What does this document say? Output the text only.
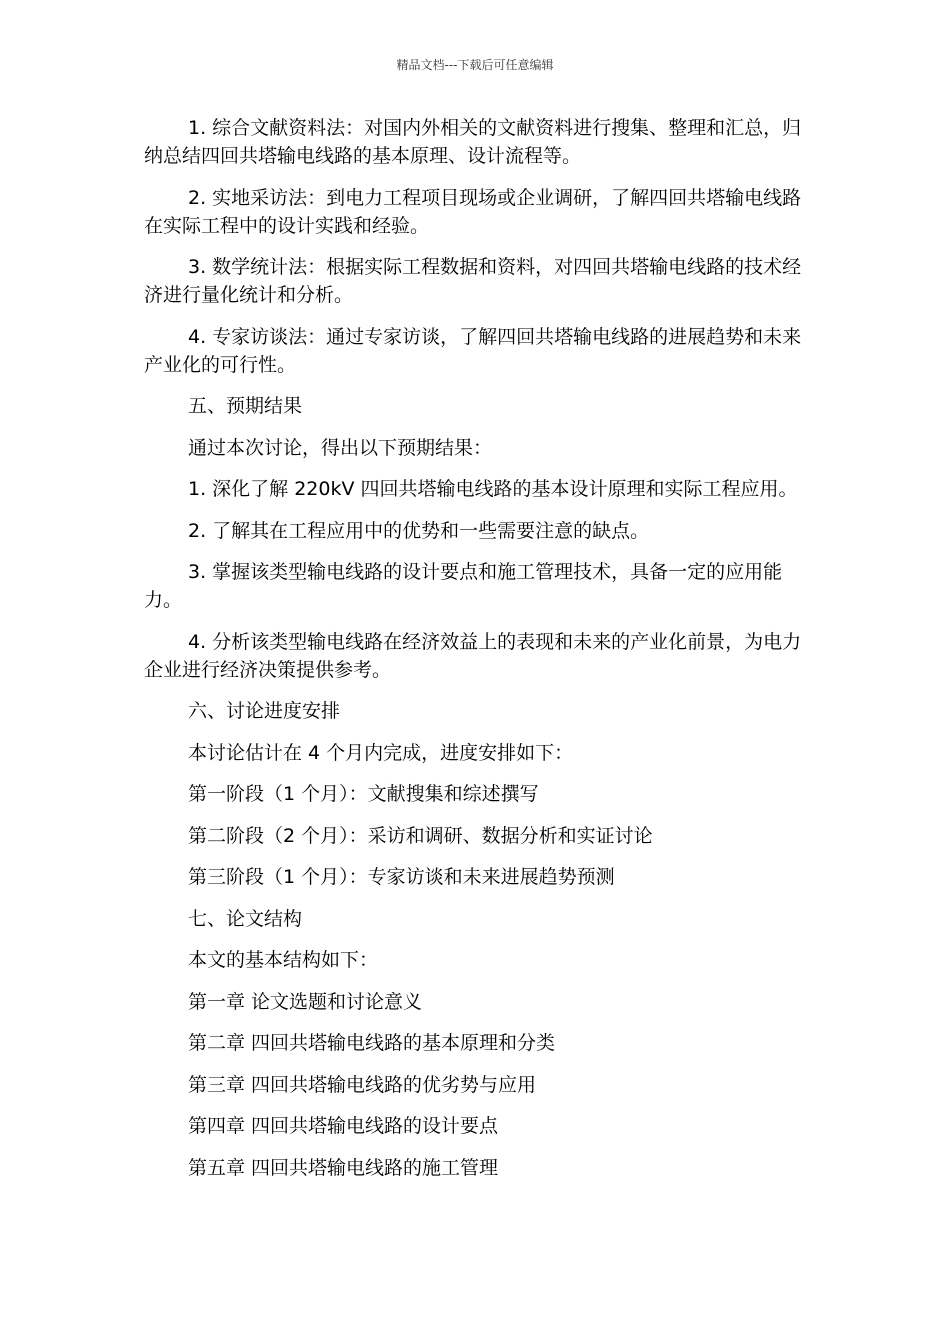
精品文档---下载后可任意编辑

1. 综合文献资料法：对国内外相关的文献资料进行搜集、整理和汇总，归纳总结四回共塔输电线路的基本原理、设计流程等。

2. 实地采访法：到电力工程项目现场或企业调研，了解四回共塔输电线路在实际工程中的设计实践和经验。

3. 数学统计法：根据实际工程数据和资料，对四回共塔输电线路的技术经济进行量化统计和分析。

4. 专家访谈法：通过专家访谈，了解四回共塔输电线路的进展趋势和未来产业化的可行性。

五、预期结果

通过本次讨论，得出以下预期结果：

1. 深化了解 220kV 四回共塔输电线路的基本设计原理和实际工程应用。

2. 了解其在工程应用中的优势和一些需要注意的缺点。

3. 掌握该类型输电线路的设计要点和施工管理技术，具备一定的应用能力。

4. 分析该类型输电线路在经济效益上的表现和未来的产业化前景，为电力企业进行经济决策提供参考。

六、讨论进度安排

本讨论估计在 4 个月内完成，进度安排如下：

第一阶段（1 个月）：文献搜集和综述撰写

第二阶段（2 个月）：采访和调研、数据分析和实证讨论

第三阶段（1 个月）：专家访谈和未来进展趋势预测

七、论文结构

本文的基本结构如下：

第一章 论文选题和讨论意义

第二章 四回共塔输电线路的基本原理和分类

第三章 四回共塔输电线路的优劣势与应用

第四章 四回共塔输电线路的设计要点

第五章 四回共塔输电线路的施工管理
